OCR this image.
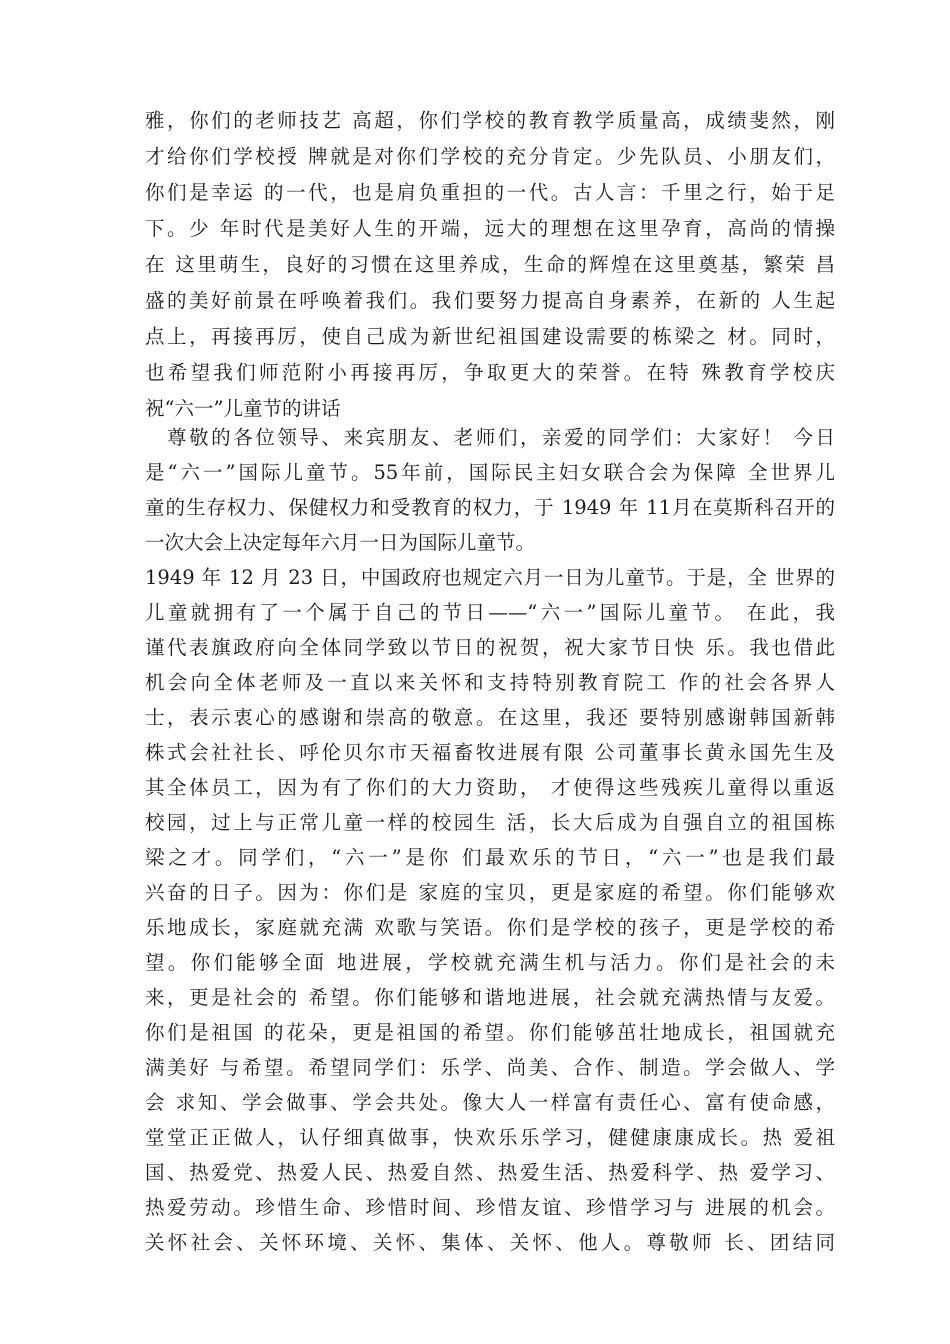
雅，你们的老师技艺 高超，你们学校的教育教学质量高，成绩斐然，刚
才给你们学校授 牌就是对你们学校的充分肯定。少先队员、小朋友们，
你们是幸运 的一代，也是肩负重担的一代。古人言：千里之行，始于足
下。少 年时代是美好人生的开端，远大的理想在这里孕育，高尚的情操
在 这里萌生，良好的习惯在这里养成，生命的辉煌在这里奠基，繁荣 昌
盛的美好前景在呼唤着我们。我们要努力提高自身素养，在新的 人生起
点上，再接再厉，使自己成为新世纪祖国建设需要的栋梁之 材。同时，
也希望我们师范附小再接再厉，争取更大的荣誉。在特 殊教育学校庆
祝“六一”儿童节的讲话
　尊敬的各位领导、来宾朋友、老师们，亲爱的同学们：大家好！ 今日
是“六一”国际儿童节。55年前，国际民主妇女联合会为保障 全世界儿
童的生存权力、保健权力和受教育的权力，于 1949 年 11月在莫斯科召开的
一次大会上决定每年六月一日为国际儿童节。
1949 年 12 月 23 日，中国政府也规定六月一日为儿童节。于是，全 世界的
儿童就拥有了一个属于自己的节日——“六一”国际儿童节。 在此，我
谨代表旗政府向全体同学致以节日的祝贺，祝大家节日快 乐。我也借此
机会向全体老师及一直以来关怀和支持特别教育院工 作的社会各界人
士，表示衷心的感谢和崇高的敬意。在这里，我还 要特别感谢韩国新韩
株式会社社长、呼伦贝尔市天福畜牧进展有限 公司董事长黄永国先生及
其全体员工，因为有了你们的大力资助， 才使得这些残疾儿童得以重返
校园，过上与正常儿童一样的校园生 活，长大后成为自强自立的祖国栋
梁之才。同学们，“六一”是你 们最欢乐的节日，“六一”也是我们最
兴奋的日子。因为：你们是 家庭的宝贝，更是家庭的希望。你们能够欢
乐地成长，家庭就充满 欢歌与笑语。你们是学校的孩子，更是学校的希
望。你们能够全面 地进展，学校就充满生机与活力。你们是社会的未
来，更是社会的 希望。你们能够和谐地进展，社会就充满热情与友爱。
你们是祖国 的花朵，更是祖国的希望。你们能够茁壮地成长，祖国就充
满美好 与希望。希望同学们：乐学、尚美、合作、制造。学会做人、学
会 求知、学会做事、学会共处。像大人一样富有责任心、富有使命感，
堂堂正正做人，认仔细真做事，快欢乐乐学习，健健康康成长。热 爱祖
国、热爱党、热爱人民、热爱自然、热爱生活、热爱科学、热 爱学习、
热爱劳动。珍惜生命、珍惜时间、珍惜友谊、珍惜学习与 进展的机会。
关怀社会、关怀环境、关怀、集体、关怀、他人。尊敬师 长、团结同
